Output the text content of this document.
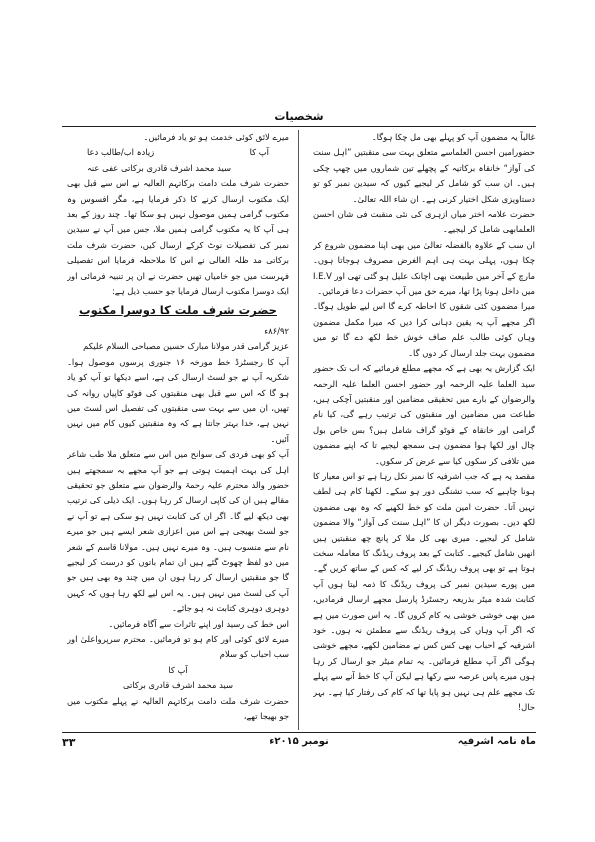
شخصیات

غالباً یہ مضمون آپ کو پہلے بھی مل چکا ہوگا۔

حضورامین احسن العلماسے متعلق بہت سی منقبتیں ”اہل سنت کی آواز“ خانقاہ برکاتیہ کے پچھلے تین شماروں میں چھپ چکی ہیں۔ ان سب کو شامل کر لیجیے کیوں کہ سیدین نمبر کو تو دستاویزی شکل اختیار کرنی ہے۔ ان شاء اللہ تعالیٰ۔

حضرت علامہ اختر میاں ازہری کی نئی منقبت فی شان احسن العلمابھی شامل کر لیجیے۔

ان سب کے علاوہ بالفضلہ تعالیٰ میں بھی اپنا مضمون شروع کر چکا ہوں، پہلی بہت ہی اہم الغرض مصروف ہوجاتا ہوں۔ مارچ کے آخر میں طبیعت بھی اچانک علیل ہو گئی تھی اور I.E.V میں داخل ہونا پڑا تھا، میرے حق میں آپ حضرات دعا فرمائیں۔

میرا مضمون کئی شقوں کا احاطہ کرے گا اس لیے طویل ہوگا۔ اگر مجھے آپ یہ یقین دہانی کرا دیں کہ میرا مکمل مضمون وہاں کوئی طالب علم صاف خوش خط لکھ دے گا تو میں مضمون بہت جلد ارسال کر دوں گا۔

ایک گزارش یہ بھی ہے کہ مجھے مطلع فرمائیے کہ اب تک حضور سید العلما علیہ الرحمہ اور حضور احسن العلما علیہ الرحمہ والرضوان کے بارے میں تحقیقی مضامین اور منقبتیں آچکی ہیں، طباعت میں مضامین اور منقبتوں کی ترتیب رہے گی، کیا نام گرامی اور خانقاہ کے فوٹو گراف شامل ہیں؟ بس خاص بول چال اور لکھا ہوا مضمون ہی سمجھ لیجیے تا کہ اپنے مضمون میں تلافی کر سکوں کیا سے عرض کر سکوں۔

مقصد یہ ہے کہ جب اشرفیہ کا نمبر نکل رہا ہے تو اس معیار کا ہونا چاہیے کہ سب تشنگی دور ہو سکے۔ لکھنا کام ہی لطف نہیں آتا۔ حضرت امین ملت کو خط لکھیے کہ وہ بھی مضمون لکھ دیں۔ بصورت دیگر ان کا ”اہل سنت کی آواز“ والا مضمون شامل کر لیجیے۔ میری بھی کل ملا کر پانچ چھ منقبتیں ہیں انھیں شامل کیجیے۔ کتابت کے بعد پروف ریڈنگ کا معاملہ سخت ہوتا ہے تو بھی پروف ریڈنگ کر لیے کہ کس کے ساتھ کریں گے۔ میں پورے سیدین نمبر کی پروف ریڈنگ کا ذمہ لیتا ہوں آپ کتابت شدہ میٹر بذریعہ رجسٹرڈ پارسل مجھے ارسال فرمادیں، میں بھی خوشی خوشی یہ کام کروں گا۔ یہ اس صورت میں ہے کہ اگر آپ وہاں کی پروف ریڈنگ سے مطمئن نہ ہوں۔ خود اشرفیہ کے احباب بھی کس کس نے مضامین لکھے، مجھے خوشی ہوگی اگر آپ مطلع فرمائیں۔ یہ تمام میٹر جو ارسال کر رہا ہوں میرے پاس عرصہ سے رکھا ہے لیکن آپ کا خط آنے سے پہلے تک مجھے علم ہی نہیں ہو پایا تھا کہ کام کی رفتار کیا ہے۔ بہر حال!

میرے لائق کوئی خدمت ہو تو یاد فرمائیں۔

آپ کا
زیادہ اب/طالب دعا

سید محمد اشرف قادری برکاتی عفی عنہ

حضرت شرف ملت دامت برکاتہم العالیہ نے اس سے قبل بھی ایک مکتوب ارسال کرنے کا ذکر فرمایا ہے، مگر افسوس وہ مکتوب گرامی ہمیں موصول نہیں ہو سکا تھا۔ چند روز کے بعد ہی آپ کا یہ مکتوب گرامی ہمیں ملا، جس میں آپ نے سیدین نمبر کی تفصیلات نوٹ کرکے ارسال کیں، حضرت شرف ملت برکاتی مد ظلہ العالی نے اس کا ملاحظہ فرمایا اس تفصیلی فہرست میں جو خامیاں تھیں حضرت نے ان پر تنبیہ فرمائی اور ایک دوسرا مکتوب ارسال فرمایا جو حسب ذیل ہے:

حضرت شرف ملت کا دوسرا مکتوب

۸۶/۹۲ء

عزیز گرامی قدر مولانا مبارک حسین مصباحی السلام علیکم

آپ کا رجسٹرڈ خط مورخہ ۱۶ جنوری پرسوں موصول ہوا۔ شکریہ آپ نے جو لسٹ ارسال کی ہے، اسے دیکھا تو آپ کو یاد ہو گا کہ اس سے قبل بھی منقبتوں کی فوٹو کاپیاں روانہ کی تھیں، ان میں سے بہت سی منقبتوں کی تفصیل اس لسٹ میں نہیں ہے، خدا بہتر جانتا ہے کہ وہ منقبتیں کیوں کام میں نہیں آئیں۔

آپ کو بھی فردی کی سوانح میں اس سے متعلق ملا طب شاعر اہل کی بہت اہمیت ہوتی ہے جو آپ مجھے بہ سمجھتے ہیں حضور والد محترم علیہ رحمۃ والرضوان سے متعلق جو تحقیقی مقالے ہیں ان کی کاپی ارسال کر رہا ہوں۔ ایک ذیلی کی ترتیب بھی دیکھ لیے گا۔ اگر ان کی کتابت نہیں ہو سکی ہے تو آپ نے جو لسٹ بھیجی ہے اس میں اعزازی شعر ایسے ہیں جو میرے نام سے منسوب ہیں۔ وہ میرے نہیں ہیں۔ مولانا قاسم کے شعر میں دو لفظ چھوٹ گئے ہیں ان تمام باتوں کو درست کر لیجیے گا جو منقبتیں ارسال کر رہا ہوں ان میں چند وہ بھی ہیں جو آپ کی لسٹ میں نہیں ہیں۔ یہ اس لیے لکھ رہا ہوں کہ کہیں دوہری دوہری کتابت نہ ہو جائے۔

اس خط کی رسید اور اپنے تاثرات سے آگاہ فرمائیں۔

میرے لائق کوئی اور کام ہو تو فرمائیں۔ محترم سرپرواعلیٰ اور سب احباب کو سلام

آپ کا

سید محمد اشرف قادری برکاتی

حضرت شرف ملت دامت برکاتہم العالیہ نے پہلے مکتوب میں جو بھیجا تھے،

ماہ نامہ اشرفیہ
نومبر ۲۰۱۵ء
۳۳
